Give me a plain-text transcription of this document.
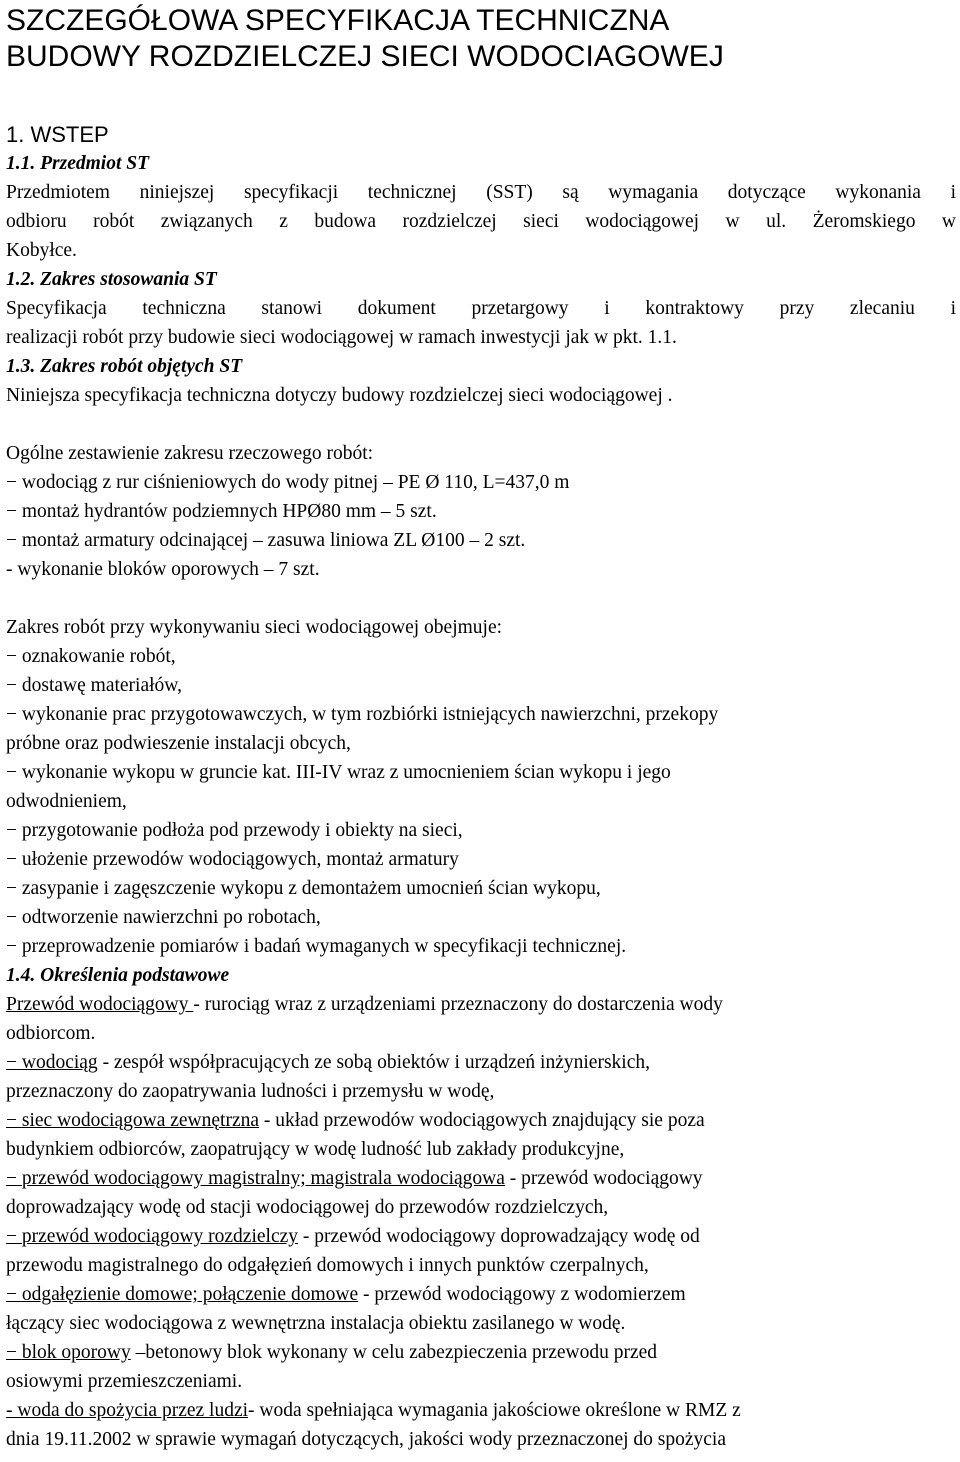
SZCZEGÓŁOWA SPECYFIKACJA TECHNICZNA
BUDOWY ROZDZIELCZEJ SIECI WODOCIAGOWEJ
1. WSTEP
1.1. Przedmiot ST
Przedmiotem niniejszej specyfikacji technicznej (SST) są wymagania dotyczące wykonania i
odbioru robót związanych z budowa rozdzielczej sieci wodociągowej w ul. Żeromskiego w
Kobyłce.
1.2. Zakres stosowania ST
Specyfikacja techniczna stanowi dokument przetargowy i kontraktowy przy zlecaniu i
realizacji robót przy budowie sieci wodociągowej w ramach inwestycji jak w pkt. 1.1.
1.3. Zakres robót objętych ST
Niniejsza specyfikacja techniczna dotyczy budowy rozdzielczej sieci wodociągowej .
Ogólne zestawienie zakresu rzeczowego robót:
− wodociąg z rur ciśnieniowych do wody pitnej – PE Ø 110, L=437,0 m
− montaż hydrantów podziemnych HPØ80 mm – 5 szt.
− montaż armatury odcinającej – zasuwa liniowa ZL Ø100 – 2 szt.
- wykonanie bloków oporowych – 7 szt.
Zakres robót przy wykonywaniu sieci wodociągowej obejmuje:
− oznakowanie robót,
− dostawę materiałów,
− wykonanie prac przygotowawczych, w tym rozbiórki istniejących nawierzchni, przekopy
próbne oraz podwieszenie instalacji obcych,
− wykonanie wykopu w gruncie kat. III-IV wraz z umocnieniem ścian wykopu i jego
odwodnieniem,
− przygotowanie podłoża pod przewody i obiekty na sieci,
− ułożenie przewodów wodociągowych, montaż armatury
− zasypanie i zagęszczenie wykopu z demontażem umocnień ścian wykopu,
− odtworzenie nawierzchni po robotach,
− przeprowadzenie pomiarów i badań wymaganych w specyfikacji technicznej.
1.4. Określenia podstawowe
Przewód wodociągowy - rurociąg wraz z urządzeniami przeznaczony do dostarczenia wody
odbiorcom.
− wodociąg - zespół współpracujących ze sobą obiektów i urządzeń inżynierskich,
przeznaczony do zaopatrywania ludności i przemysłu w wodę,
− siec wodociągowa zewnętrzna - układ przewodów wodociągowych znajdujący sie poza
budynkiem odbiorców, zaopatrujący w wodę ludność lub zakłady produkcyjne,
− przewód wodociągowy magistralny; magistrala wodociągowa - przewód wodociągowy
doprowadzający wodę od stacji wodociągowej do przewodów rozdzielczych,
− przewód wodociągowy rozdzielczy - przewód wodociągowy doprowadzający wodę od
przewodu magistralnego do odgałęzień domowych i innych punktów czerpalnych,
− odgałęzienie domowe; połączenie domowe - przewód wodociągowy z wodomierzem
łączący siec wodociągowa z wewnętrzna instalacja obiektu zasilanego w wodę.
− blok oporowy –betonowy blok wykonany w celu zabezpieczenia przewodu przed
osiowymi przemieszczeniami.
- woda do spożycia przez ludzi- woda spełniająca wymagania jakościowe określone w RMZ z
dnia 19.11.2002 w sprawie wymagań dotyczących, jakości wody przeznaczonej do spożycia
